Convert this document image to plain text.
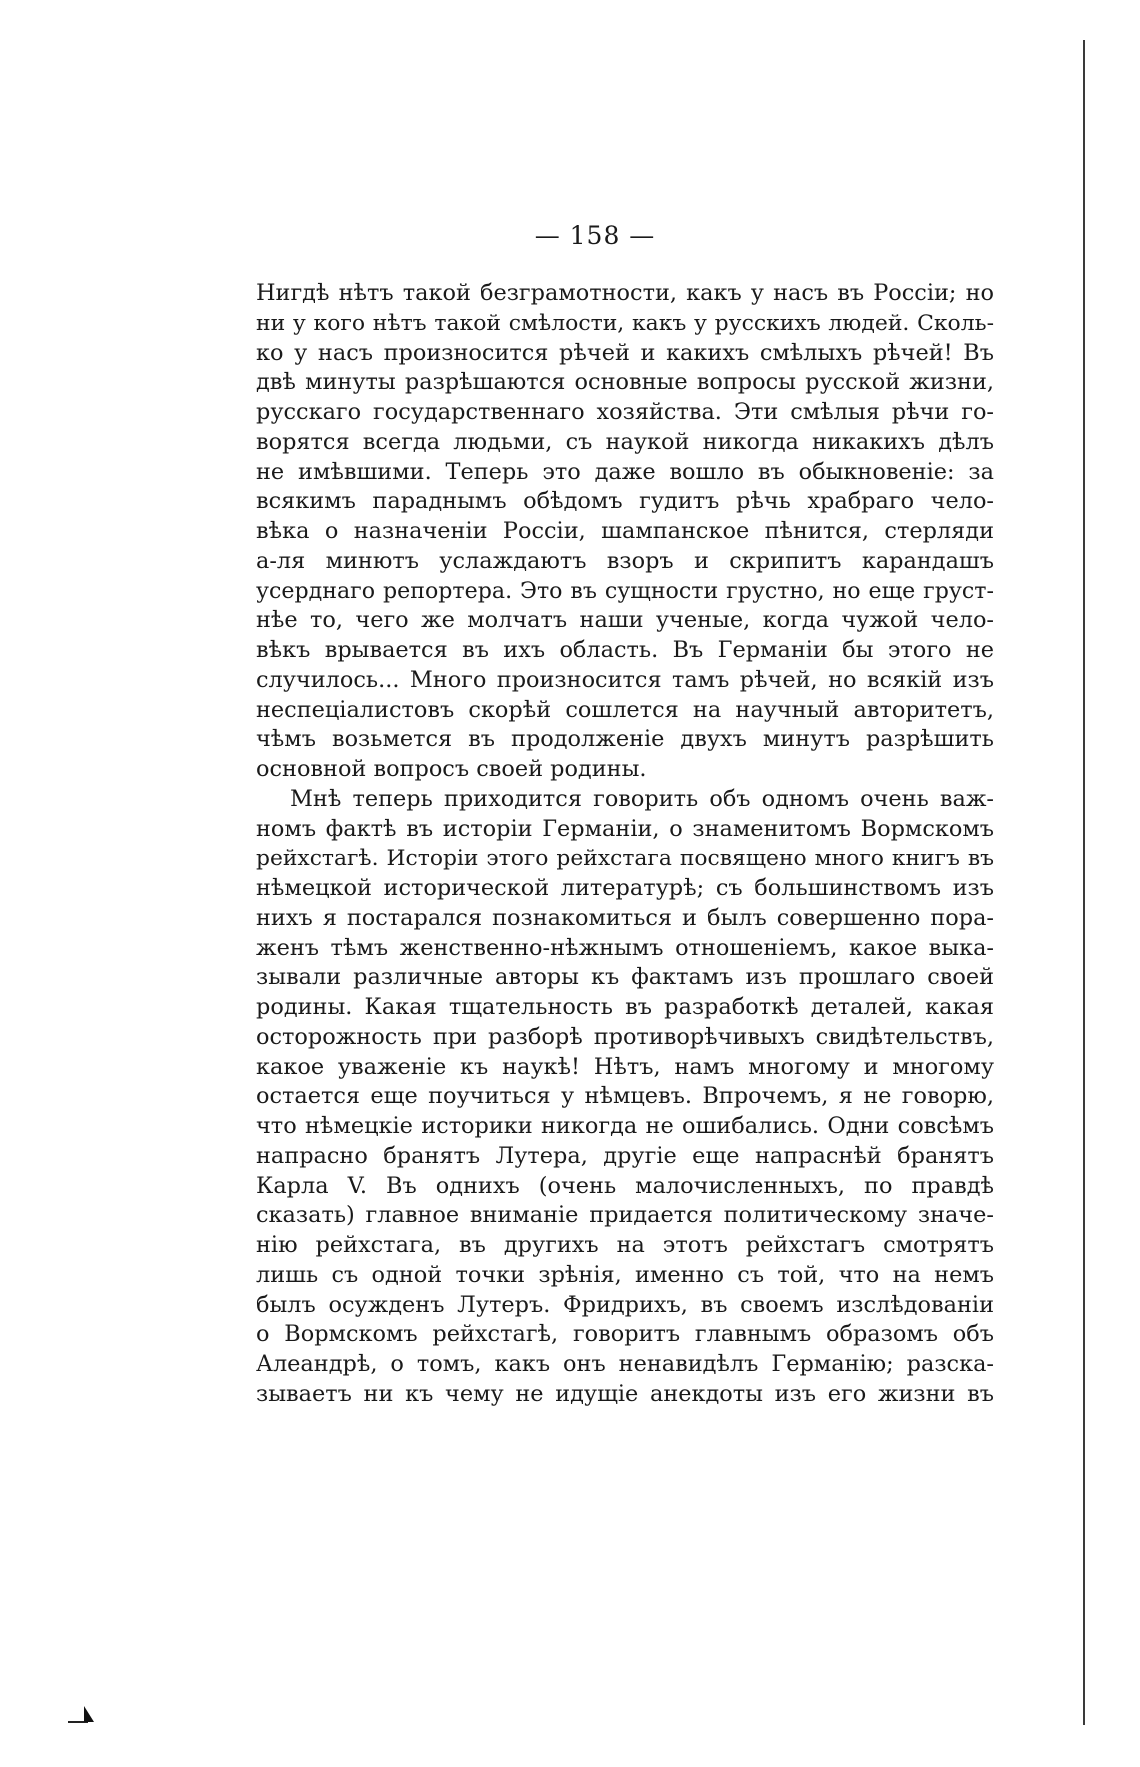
— 158 —
Нигдѣ нѣтъ такой безграмотности, какъ у насъ въ Россіи; но
ни у кого нѣтъ такой смѣлости, какъ у русскихъ людей. Сколь-
ко у насъ произносится рѣчей и какихъ смѣлыхъ рѣчей! Въ
двѣ минуты разрѣшаются основные вопросы русской жизни,
русскаго государственнаго хозяйства. Эти смѣлыя рѣчи го-
ворятся всегда людьми, съ наукой никогда никакихъ дѣлъ
не имѣвшими. Теперь это даже вошло въ обыкновеніе: за
всякимъ параднымъ обѣдомъ гудитъ рѣчь храбраго чело-
вѣка о назначеніи Россіи, шампанское пѣнится, стерляди
а-ля минютъ услаждаютъ взоръ и скрипитъ карандашъ
усерднаго репортера. Это въ сущности грустно, но еще груст-
нѣе то, чего же молчатъ наши ученые, когда чужой чело-
вѣкъ врывается въ ихъ область. Въ Германіи бы этого не
случилось... Много произносится тамъ рѣчей, но всякій изъ
неспеціалистовъ скорѣй сошлется на научный авторитетъ,
чѣмъ возьмется въ продолженіе двухъ минутъ разрѣшить
основной вопросъ своей родины.
Мнѣ теперь приходится говорить объ одномъ очень важ-
номъ фактѣ въ исторіи Германіи, о знаменитомъ Вормскомъ
рейхстагѣ. Исторіи этого рейхстага посвящено много книгъ въ
нѣмецкой исторической литературѣ; съ большинствомъ изъ
нихъ я постарался познакомиться и былъ совершенно пора-
женъ тѣмъ женственно-нѣжнымъ отношеніемъ, какое выка-
зывали различные авторы къ фактамъ изъ прошлаго своей
родины. Какая тщательность въ разработкѣ деталей, какая
осторожность при разборѣ противорѣчивыхъ свидѣтельствъ,
какое уваженіе къ наукѣ! Нѣтъ, намъ многому и многому
остается еще поучиться у нѣмцевъ. Впрочемъ, я не говорю,
что нѣмецкіе историки никогда не ошибались. Одни совсѣмъ
напрасно бранятъ Лутера, другіе еще напраснѣй бранятъ
Карла V. Въ однихъ (очень малочисленныхъ, по правдѣ
сказать) главное вниманіе придается политическому значе-
нію рейхстага, въ другихъ на этотъ рейхстагъ смотрятъ
лишь съ одной точки зрѣнія, именно съ той, что на немъ
былъ осужденъ Лутеръ. Фридрихъ, въ своемъ изслѣдованіи
о Вормскомъ рейхстагѣ, говоритъ главнымъ образомъ объ
Алеандрѣ, о томъ, какъ онъ ненавидѣлъ Германію; разска-
зываетъ ни къ чему не идущіе анекдоты изъ его жизни въ
